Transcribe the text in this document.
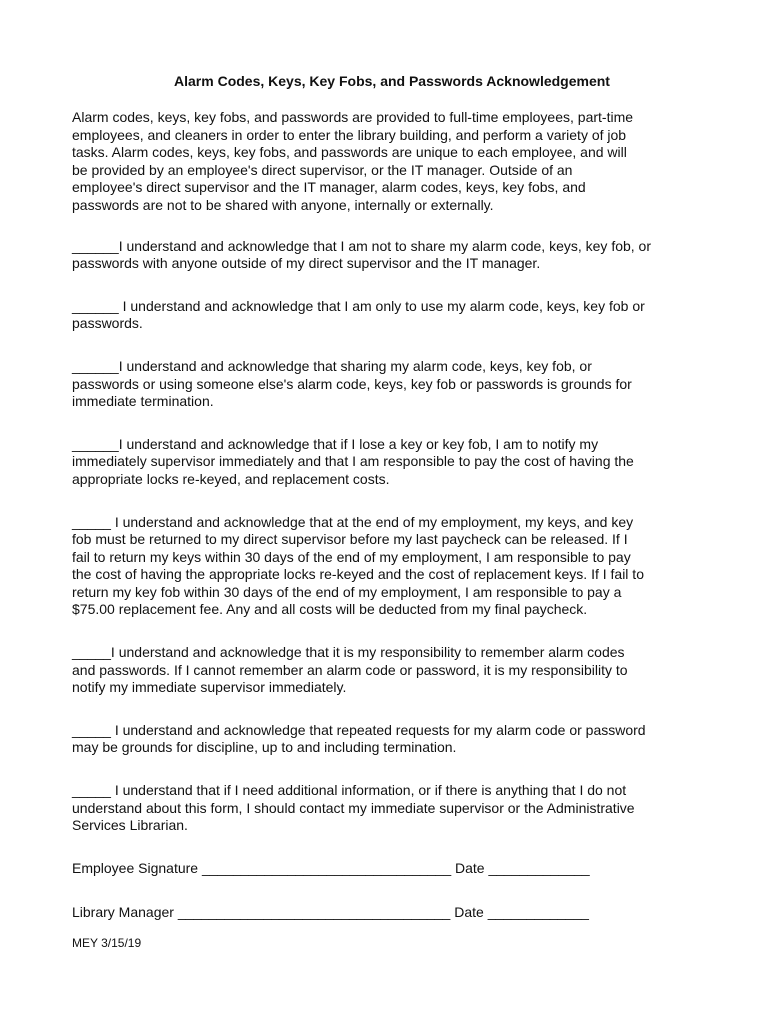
Alarm Codes, Keys, Key Fobs, and Passwords Acknowledgement
Alarm codes, keys, key fobs, and passwords are provided to full-time employees, part-time
employees, and cleaners in order to enter the library building, and perform a variety of job
tasks. Alarm codes, keys, key fobs, and passwords are unique to each employee, and will
be provided by an employee's direct supervisor, or the IT manager. Outside of an
employee's direct supervisor and the IT manager, alarm codes, keys, key fobs, and
passwords are not to be shared with anyone, internally or externally.
______I understand and acknowledge that I am not to share my alarm code, keys, key fob, or
passwords with anyone outside of my direct supervisor and the IT manager.
______ I understand and acknowledge that I am only to use my alarm code, keys, key fob or
passwords.
______I understand and acknowledge that sharing my alarm code, keys, key fob, or
passwords or using someone else's alarm code, keys, key fob or passwords is grounds for
immediate termination.
______I understand and acknowledge that if I lose a key or key fob, I am to notify my
immediately supervisor immediately and that I am responsible to pay the cost of having the
appropriate locks re-keyed, and replacement costs.
_____ I understand and acknowledge that at the end of my employment, my keys, and key
fob must be returned to my direct supervisor before my last paycheck can be released. If I
fail to return my keys within 30 days of the end of my employment, I am responsible to pay
the cost of having the appropriate locks re-keyed and the cost of replacement keys. If I fail to
return my key fob within 30 days of the end of my employment, I am responsible to pay a
$75.00 replacement fee. Any and all costs will be deducted from my final paycheck.
_____I understand and acknowledge that it is my responsibility to remember alarm codes
and passwords. If I cannot remember an alarm code or password, it is my responsibility to
notify my immediate supervisor immediately.
_____ I understand and acknowledge that repeated requests for my alarm code or password
may be grounds for discipline, up to and including termination.
_____ I understand that if I need additional information, or if there is anything that I do not
understand about this form, I should contact my immediate supervisor or the Administrative
Services Librarian.
Employee Signature ________________________________ Date _____________
Library Manager ___________________________________ Date _____________
MEY 3/15/19
